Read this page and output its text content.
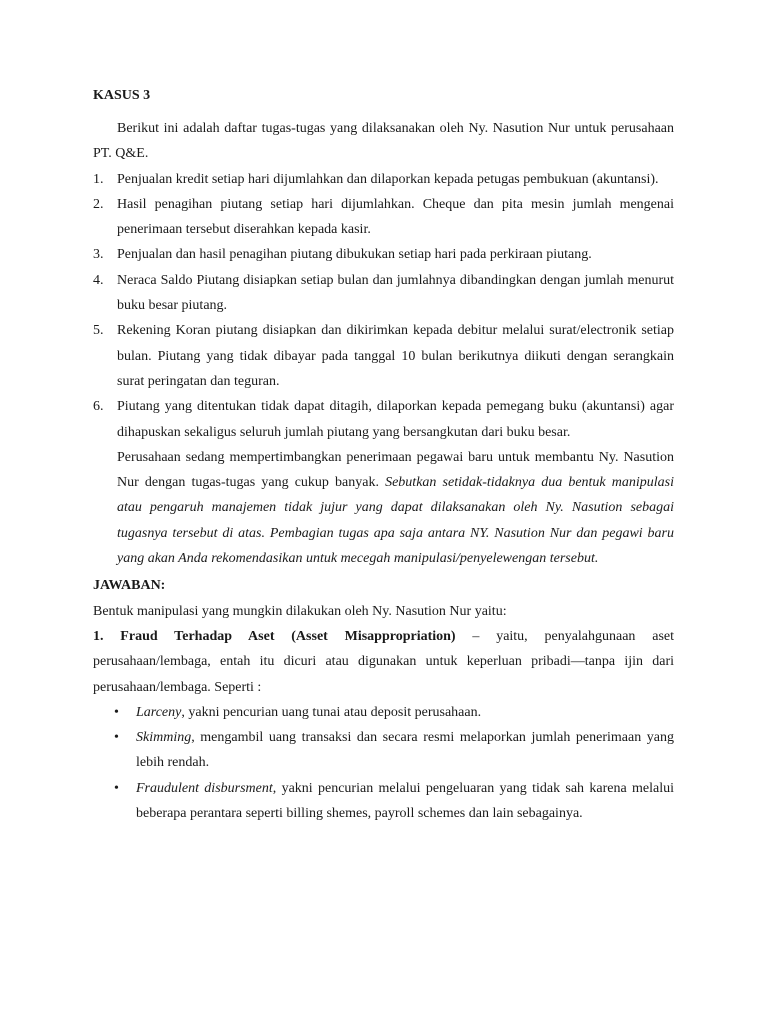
KASUS 3
Berikut ini adalah daftar tugas-tugas yang dilaksanakan oleh Ny. Nasution Nur untuk perusahaan PT. Q&E.
1. Penjualan kredit setiap hari dijumlahkan dan dilaporkan kepada petugas pembukuan (akuntansi).
2. Hasil penagihan piutang setiap hari dijumlahkan. Cheque dan pita mesin jumlah mengenai penerimaan tersebut diserahkan kepada kasir.
3. Penjualan dan hasil penagihan piutang dibukukan setiap hari pada perkiraan piutang.
4. Neraca Saldo Piutang disiapkan setiap bulan dan jumlahnya dibandingkan dengan jumlah menurut buku besar piutang.
5. Rekening Koran piutang disiapkan dan dikirimkan kepada debitur melalui surat/electronik setiap bulan. Piutang yang tidak dibayar pada tanggal 10 bulan berikutnya diikuti dengan serangkain surat peringatan dan teguran.
6. Piutang yang ditentukan tidak dapat ditagih, dilaporkan kepada pemegang buku (akuntansi) agar dihapuskan sekaligus seluruh jumlah piutang yang bersangkutan dari buku besar.
Perusahaan sedang mempertimbangkan penerimaan pegawai baru untuk membantu Ny. Nasution Nur dengan tugas-tugas yang cukup banyak. Sebutkan setidak-tidaknya dua bentuk manipulasi atau pengaruh manajemen tidak jujur yang dapat dilaksanakan oleh Ny. Nasution sebagai tugasnya tersebut di atas. Pembagian tugas apa saja antara NY. Nasution Nur dan pegawi baru yang akan Anda rekomendasikan untuk mecegah manipulasi/penyelewengan tersebut.
JAWABAN:
Bentuk manipulasi yang mungkin dilakukan oleh Ny. Nasution Nur yaitu:
1. Fraud Terhadap Aset (Asset Misappropriation) – yaitu, penyalahgunaan aset perusahaan/lembaga, entah itu dicuri atau digunakan untuk keperluan pribadi—tanpa ijin dari perusahaan/lembaga. Seperti :
• Larceny, yakni pencurian uang tunai atau deposit perusahaan.
• Skimming, mengambil uang transaksi dan secara resmi melaporkan jumlah penerimaan yang lebih rendah.
• Fraudulent disbursment, yakni pencurian melalui pengeluaran yang tidak sah karena melalui beberapa perantara seperti billing shemes, payroll schemes dan lain sebagainya.
